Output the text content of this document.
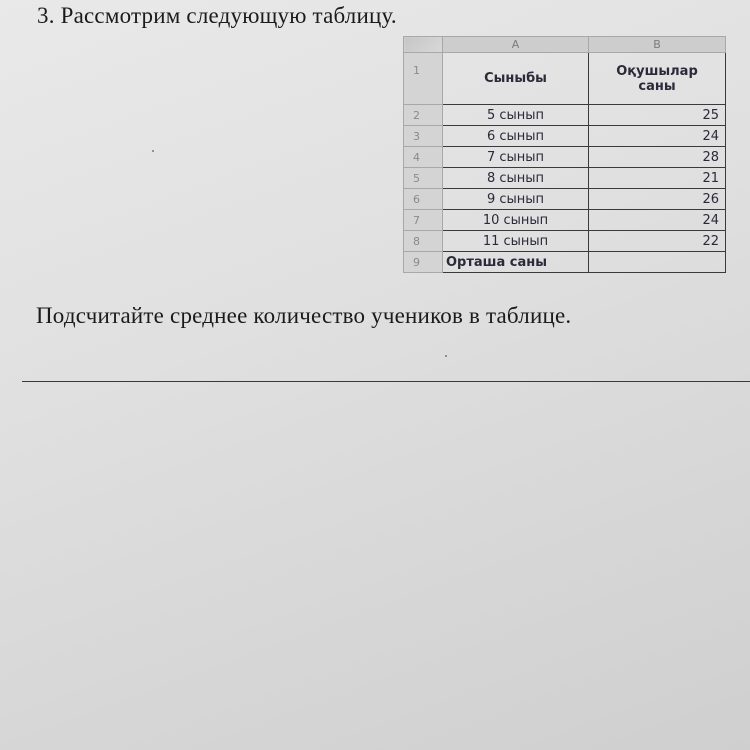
3. Рассмотрим следующую таблицу.
	A	B
1	Сыныбы	Оқушылар
саны
2	5 сынып	25
3	6 сынып	24
4	7 сынып	28
5	8 сынып	21
6	9 сынып	26
7	10 сынып	24
8	11 сынып	22
9	Орташа саны	
Подсчитайте среднее количество учеников в таблице.
